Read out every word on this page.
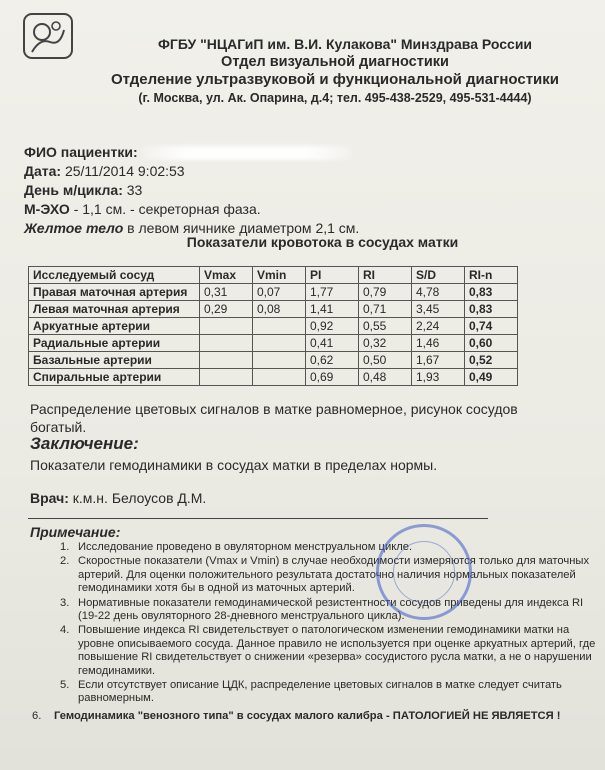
ФГБУ "НЦАГиП им. В.И. Кулакова" Минздрава России
Отдел визуальной диагностики
Отделение ультразвуковой и функциональной диагностики
(г. Москва, ул. Ак. Опарина, д.4; тел. 495-438-2529, 495-531-4444)
ФИО пациентки:
Дата: 25/11/2014 9:02:53
День м/цикла: 33
М-ЭХО - 1,1 см. - секреторная фаза.
Желтое тело в левом яичнике диаметром 2,1 см.
Показатели кровотока в сосудах матки
Исследуемый сосуд	Vmax	Vmin	PI	RI	S/D	RI-n
Правая маточная артерия	0,31	0,07	1,77	0,79	4,78	0,83
Левая маточная артерия	0,29	0,08	1,41	0,71	3,45	0,83
Аркуатные артерии			0,92	0,55	2,24	0,74
Радиальные артерии			0,41	0,32	1,46	0,60
Базальные артерии			0,62	0,50	1,67	0,52
Спиральные артерии			0,69	0,48	1,93	0,49
Распределение цветовых сигналов в матке равномерное, рисунок сосудов богатый.
Заключение:
Показатели гемодинамики в сосудах матки в пределах нормы.
Врач: к.м.н. Белоусов Д.М.
Примечание:
1. Исследование проведено в овуляторном менструальном цикле.
2. Скоростные показатели (Vmax и Vmin) в случае необходимости измеряются только для маточных артерий. Для оценки положительного результата достаточно наличия нормальных показателей гемодинамики хотя бы в одной из маточных артерий.
3. Нормативные показатели гемодинамической резистентности сосудов приведены для индекса RI (19-22 день овуляторного 28-дневного менструального цикла).
4. Повышение индекса RI свидетельствует о патологическом изменении гемодинамики матки на уровне описываемого сосуда. Данное правило не используется при оценке аркуатных артерий, где повышение RI свидетельствует о снижении «резерва» сосудистого русла матки, а не о нарушении гемодинамики.
5. Если отсутствует описание ЦДК, распределение цветовых сигналов в матке следует считать равномерным.
6.	Гемодинамика "венозного типа" в сосудах малого калибра - ПАТОЛОГИЕЙ НЕ ЯВЛЯЕТСЯ !
